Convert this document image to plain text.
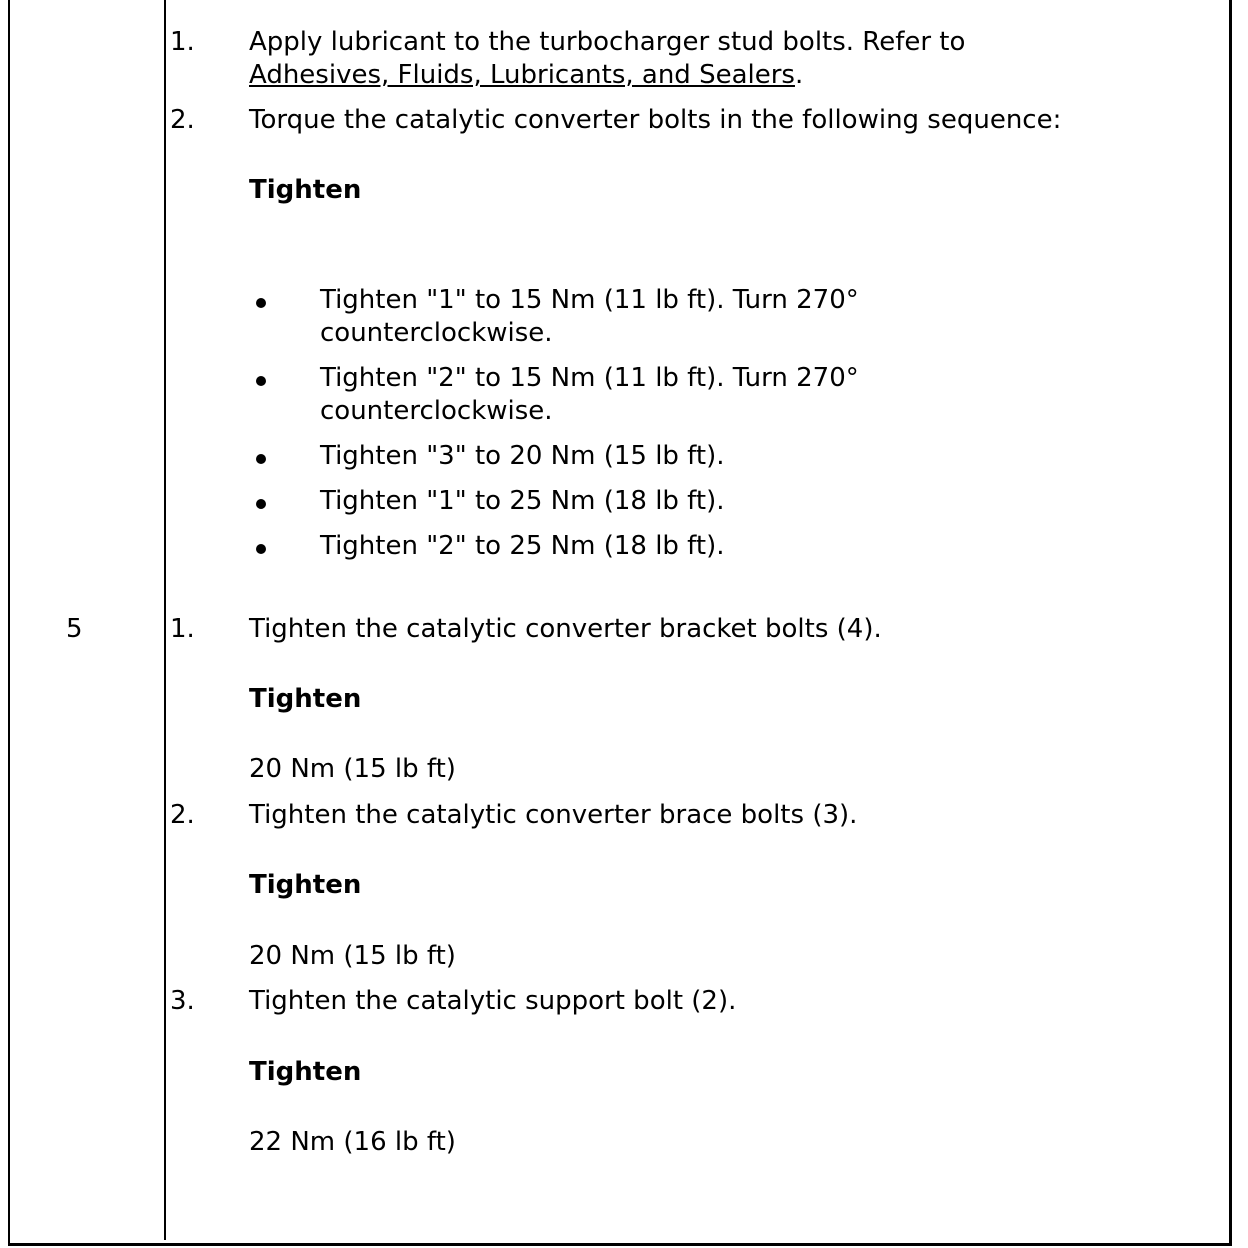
1. Apply lubricant to the turbocharger stud bolts. Refer to
Adhesives, Fluids, Lubricants, and Sealers.
2. Torque the catalytic converter bolts in the following sequence:
Tighten
Tighten "1" to 15 Nm (11 lb ft). Turn 270°
counterclockwise.
Tighten "2" to 15 Nm (11 lb ft). Turn 270°
counterclockwise.
Tighten "3" to 20 Nm (15 lb ft).
Tighten "1" to 25 Nm (18 lb ft).
Tighten "2" to 25 Nm (18 lb ft).
5	1. Tighten the catalytic converter bracket bolts (4).
Tighten
20 Nm (15 lb ft)
2. Tighten the catalytic converter brace bolts (3).
Tighten
20 Nm (15 lb ft)
3. Tighten the catalytic support bolt (2).
Tighten
22 Nm (16 lb ft)
